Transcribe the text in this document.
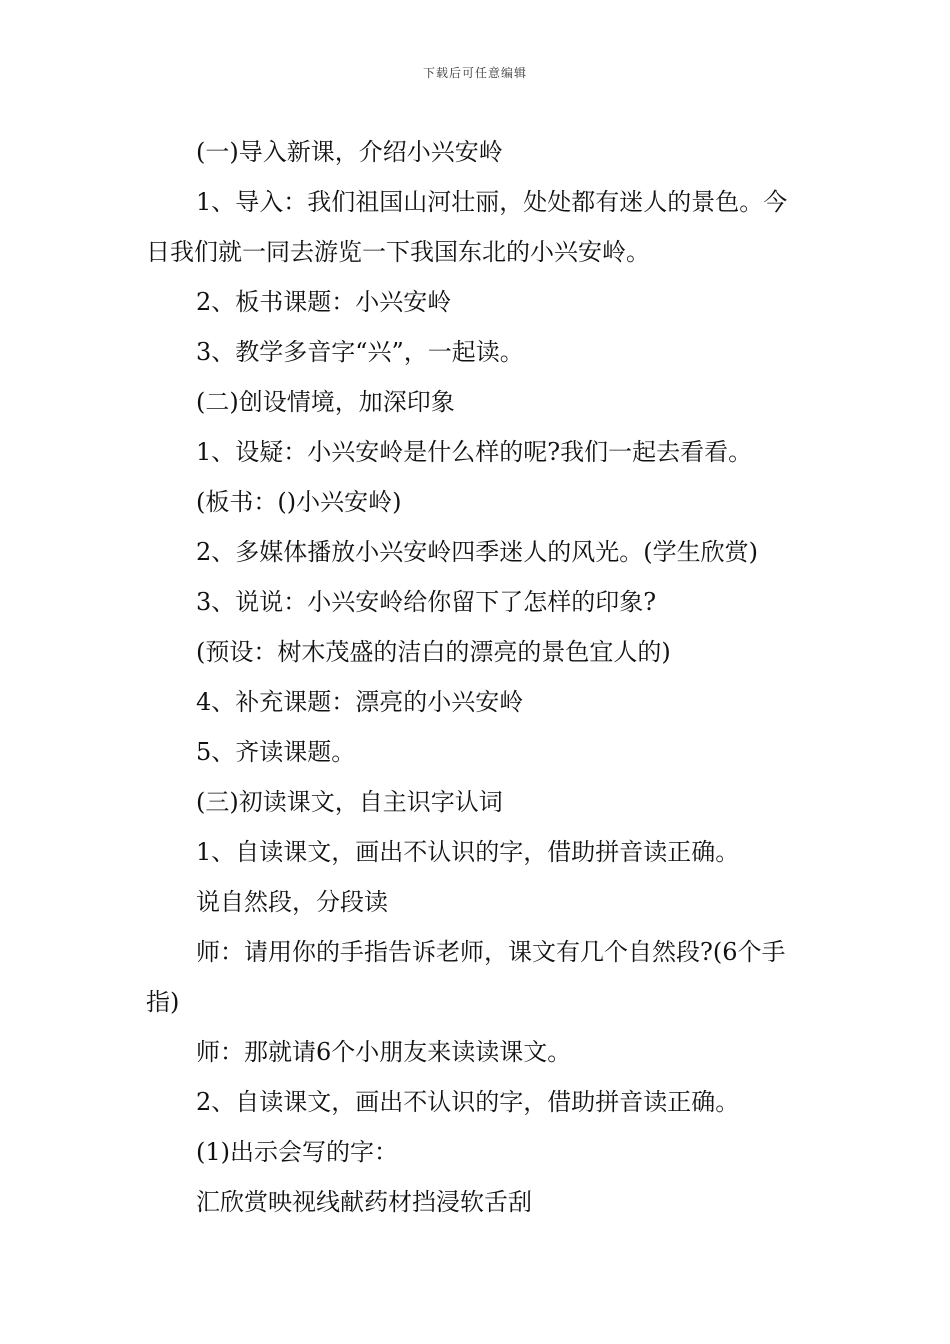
下载后可任意编辑

(一)导入新课，介绍小兴安岭

1、导入：我们祖国山河壮丽，处处都有迷人的景色。今日我们就一同去游览一下我国东北的小兴安岭。

2、板书课题：小兴安岭

3、教学多音字“兴”，一起读。

(二)创设情境，加深印象

1、设疑：小兴安岭是什么样的呢?我们一起去看看。

(板书：()小兴安岭)

2、多媒体播放小兴安岭四季迷人的风光。(学生欣赏)

3、说说：小兴安岭给你留下了怎样的印象?

(预设：树木茂盛的洁白的漂亮的景色宜人的)

4、补充课题：漂亮的小兴安岭

5、齐读课题。

(三)初读课文，自主识字认词

1、自读课文，画出不认识的字，借助拼音读正确。

说自然段，分段读

师：请用你的手指告诉老师，课文有几个自然段?(6个手指)

师：那就请6个小朋友来读读课文。

2、自读课文，画出不认识的字，借助拼音读正确。

(1)出示会写的字：

汇欣赏映视线献药材挡浸软舌刮
